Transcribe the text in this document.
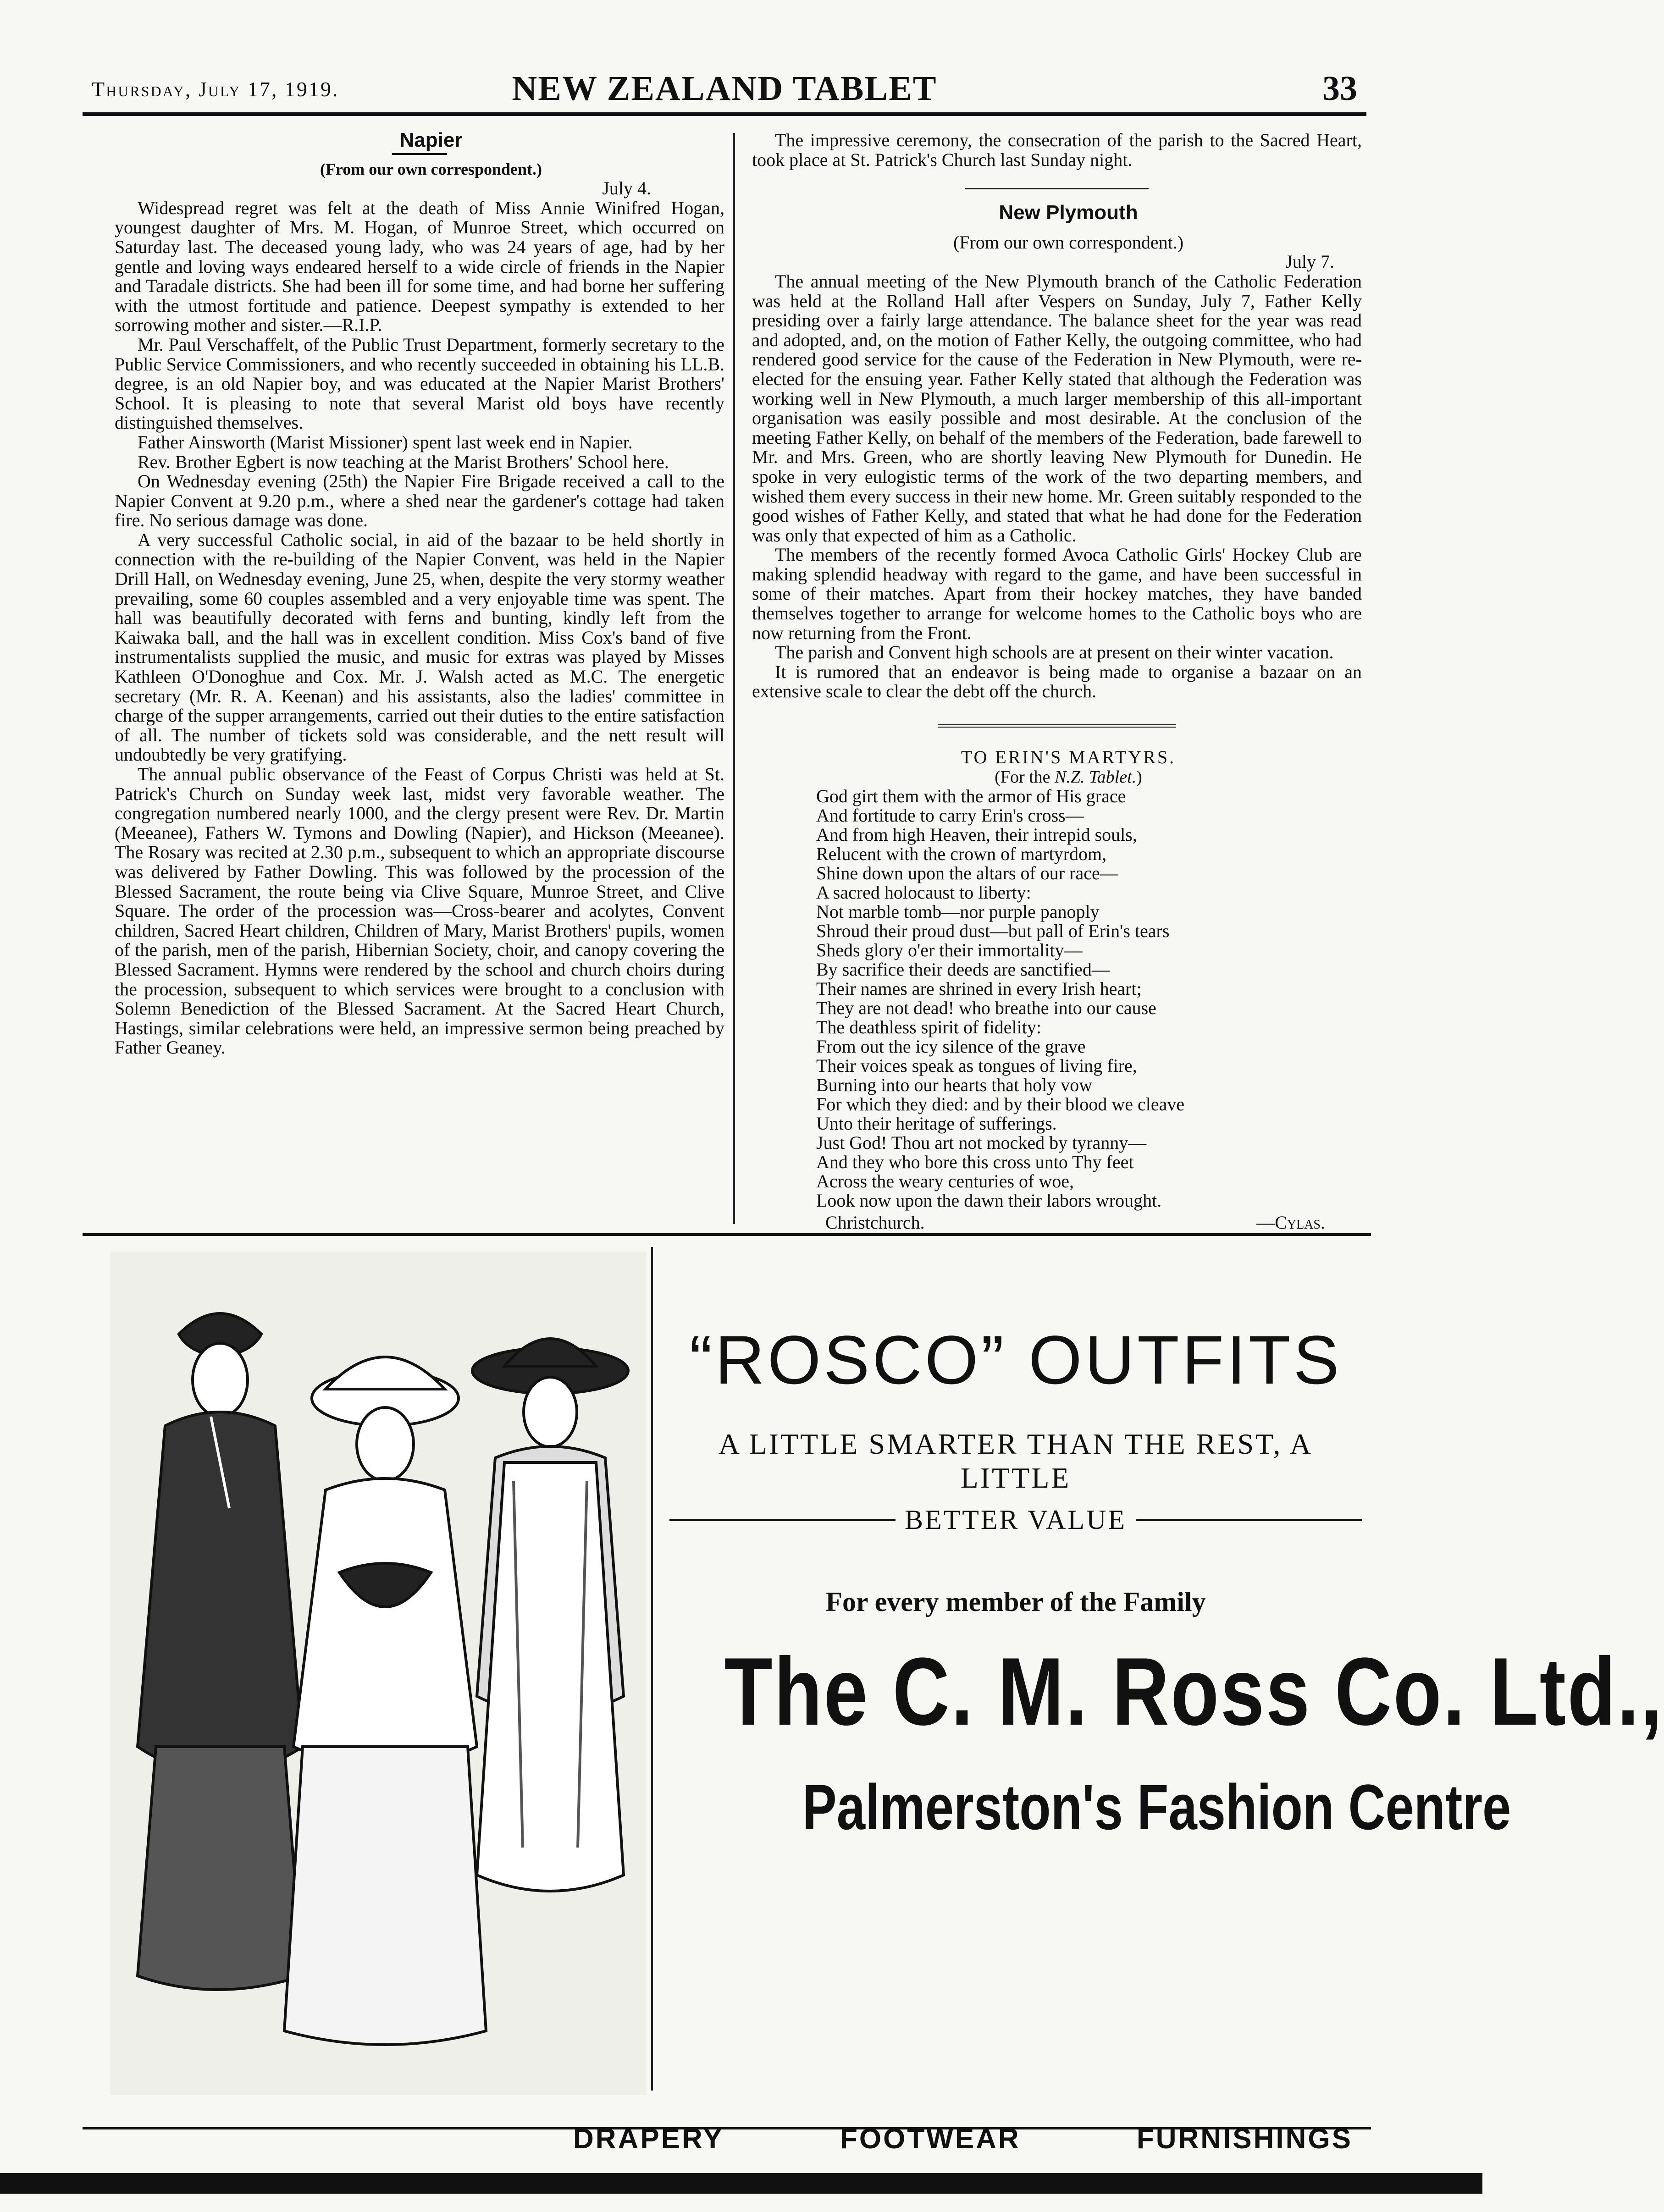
Thursday, July 17, 1919.	NEW ZEALAND TABLET	33

Napier

(From our own correspondent.)

July 4.

Widespread regret was felt at the death of Miss Annie Winifred Hogan, youngest daughter of Mrs. M. Hogan, of Munroe Street, which occurred on Saturday last. The deceased young lady, who was 24 years of age, had by her gentle and loving ways endeared herself to a wide circle of friends in the Napier and Taradale districts. She had been ill for some time, and had borne her suffering with the utmost fortitude and patience. Deepest sympathy is extended to her sorrowing mother and sister.—R.I.P.

Mr. Paul Verschaffelt, of the Public Trust Department, formerly secretary to the Public Service Commissioners, and who recently succeeded in obtaining his LL.B. degree, is an old Napier boy, and was educated at the Napier Marist Brothers' School. It is pleasing to note that several Marist old boys have recently distinguished themselves.

Father Ainsworth (Marist Missioner) spent last week end in Napier.

Rev. Brother Egbert is now teaching at the Marist Brothers' School here.

On Wednesday evening (25th) the Napier Fire Brigade received a call to the Napier Convent at 9.20 p.m., where a shed near the gardener's cottage had taken fire. No serious damage was done.

A very successful Catholic social, in aid of the bazaar to be held shortly in connection with the re-building of the Napier Convent, was held in the Napier Drill Hall, on Wednesday evening, June 25, when, despite the very stormy weather prevailing, some 60 couples assembled and a very enjoyable time was spent. The hall was beautifully decorated with ferns and bunting, kindly left from the Kaiwaka ball, and the hall was in excellent condition. Miss Cox's band of five instrumentalists supplied the music, and music for extras was played by Misses Kathleen O'Donoghue and Cox. Mr. J. Walsh acted as M.C. The energetic secretary (Mr. R. A. Keenan) and his assistants, also the ladies' committee in charge of the supper arrangements, carried out their duties to the entire satisfaction of all. The number of tickets sold was considerable, and the nett result will undoubtedly be very gratifying.

The annual public observance of the Feast of Corpus Christi was held at St. Patrick's Church on Sunday week last, midst very favorable weather. The congregation numbered nearly 1000, and the clergy present were Rev. Dr. Martin (Meeanee), Fathers W. Tymons and Dowling (Napier), and Hickson (Meeanee). The Rosary was recited at 2.30 p.m., subsequent to which an appropriate discourse was delivered by Father Dowling. This was followed by the procession of the Blessed Sacrament, the route being via Clive Square, Munroe Street, and Clive Square. The order of the procession was—Cross-bearer and acolytes, Convent children, Sacred Heart children, Children of Mary, Marist Brothers' pupils, women of the parish, men of the parish, Hibernian Society, choir, and canopy covering the Blessed Sacrament. Hymns were rendered by the school and church choirs during the procession, subsequent to which services were brought to a conclusion with Solemn Benediction of the Blessed Sacrament. At the Sacred Heart Church, Hastings, similar celebrations were held, an impressive sermon being preached by Father Geaney.

The impressive ceremony, the consecration of the parish to the Sacred Heart, took place at St. Patrick's Church last Sunday night.

New Plymouth

(From our own correspondent.)

July 7.

The annual meeting of the New Plymouth branch of the Catholic Federation was held at the Rolland Hall after Vespers on Sunday, July 7, Father Kelly presiding over a fairly large attendance. The balance sheet for the year was read and adopted, and, on the motion of Father Kelly, the outgoing committee, who had rendered good service for the cause of the Federation in New Plymouth, were re-elected for the ensuing year. Father Kelly stated that although the Federation was working well in New Plymouth, a much larger membership of this all-important organisation was easily possible and most desirable. At the conclusion of the meeting Father Kelly, on behalf of the members of the Federation, bade farewell to Mr. and Mrs. Green, who are shortly leaving New Plymouth for Dunedin. He spoke in very eulogistic terms of the work of the two departing members, and wished them every success in their new home. Mr. Green suitably responded to the good wishes of Father Kelly, and stated that what he had done for the Federation was only that expected of him as a Catholic.

The members of the recently formed Avoca Catholic Girls' Hockey Club are making splendid headway with regard to the game, and have been successful in some of their matches. Apart from their hockey matches, they have banded themselves together to arrange for welcome homes to the Catholic boys who are now returning from the Front.

The parish and Convent high schools are at present on their winter vacation.

It is rumored that an endeavor is being made to organise a bazaar on an extensive scale to clear the debt off the church.

TO ERIN'S MARTYRS.

(For the N.Z. Tablet.)

God girt them with the armor of His grace
And fortitude to carry Erin's cross—
And from high Heaven, their intrepid souls,
Relucent with the crown of martyrdom,
Shine down upon the altars of our race—
A sacred holocaust to liberty:
Not marble tomb—nor purple panoply
Shroud their proud dust—but pall of Erin's tears
Sheds glory o'er their immortality—
By sacrifice their deeds are sanctified—
Their names are shrined in every Irish heart;
They are not dead! who breathe into our cause
The deathless spirit of fidelity:
From out the icy silence of the grave
Their voices speak as tongues of living fire,
Burning into our hearts that holy vow
For which they died: and by their blood we cleave
Unto their heritage of sufferings.
Just God! Thou art not mocked by tyranny—
And they who bore this cross unto Thy feet
Across the weary centuries of woe,
Look now upon the dawn their labors wrought.
Christchurch.	—Cylas.
“ROSCO” OUTFITS
A LITTLE SMARTER THAN THE REST, A LITTLE
BETTER VALUE
For every member of the Family
The C. M. Ross Co. Ltd.,
Palmerston's Fashion Centre
DRAPERY	FOOTWEAR	FURNISHINGS
